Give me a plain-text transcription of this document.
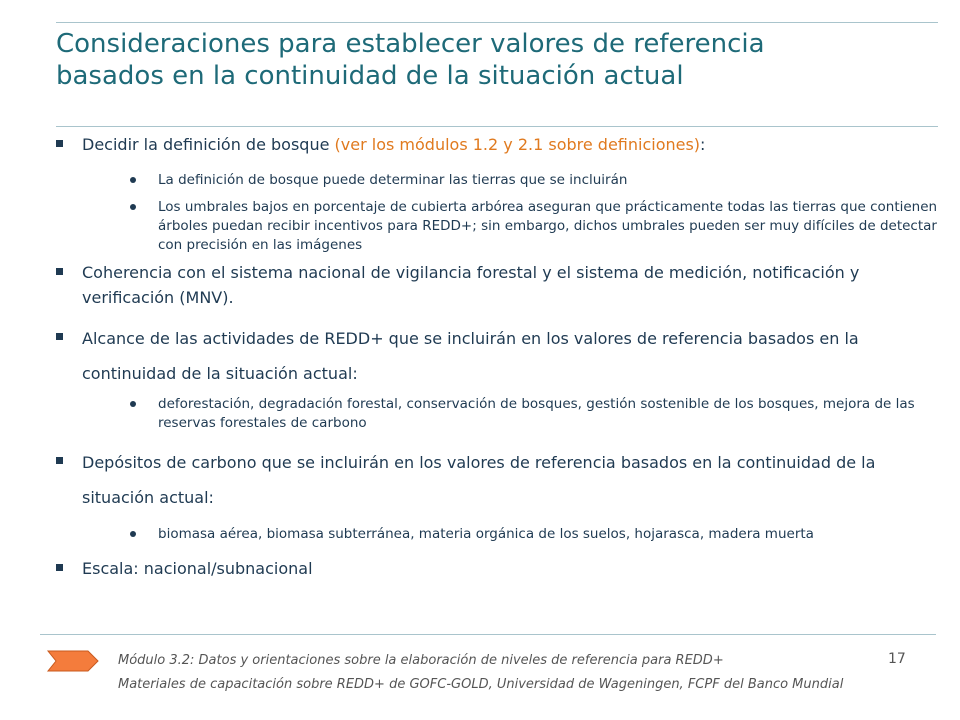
Consideraciones para establecer valores de referencia
basados en la continuidad de la situación actual
Decidir la definición de bosque (ver los módulos 1.2 y 2.1 sobre definiciones):
La definición de bosque puede determinar las tierras que se incluirán
Los umbrales bajos en porcentaje de cubierta arbórea aseguran que prácticamente todas las tierras que contienen árboles puedan recibir incentivos para REDD+; sin embargo, dichos umbrales pueden ser muy difíciles de detectar con precisión en las imágenes
Coherencia con el sistema nacional de vigilancia forestal y el sistema de medición, notificación y verificación (MNV).
Alcance de las actividades de REDD+ que se incluirán en los valores de referencia basados en la continuidad de la situación actual:
deforestación, degradación forestal, conservación de bosques, gestión sostenible de los bosques, mejora de las reservas forestales de carbono
Depósitos de carbono que se incluirán en los valores de referencia basados en la continuidad de la situación actual:
biomasa aérea, biomasa subterránea, materia orgánica de los suelos, hojarasca, madera muerta
Escala: nacional/subnacional
Módulo 3.2: Datos y orientaciones sobre la elaboración de niveles de referencia para REDD+	17
Materiales de capacitación sobre REDD+ de GOFC-GOLD, Universidad de Wageningen, FCPF del Banco Mundial
